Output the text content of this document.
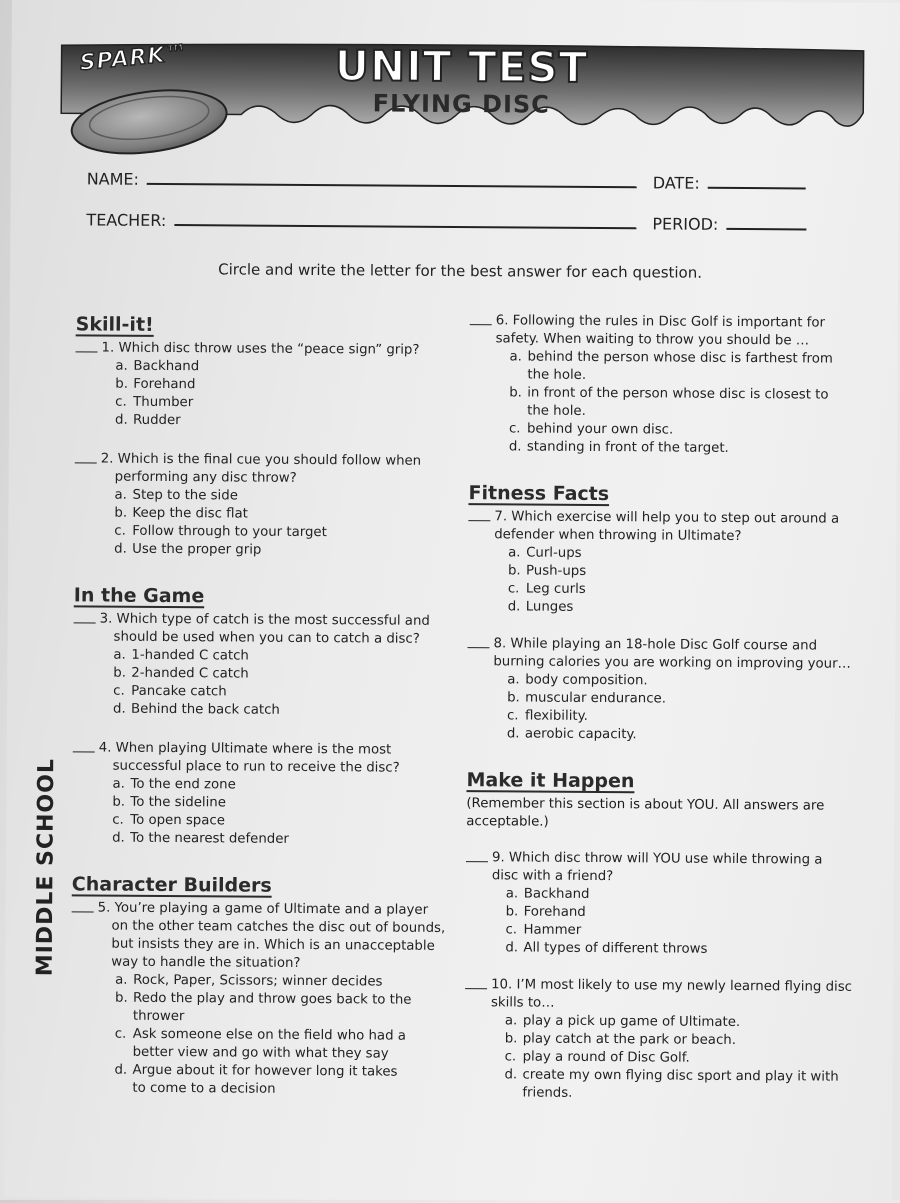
SPARK™	UNIT TEST
FLYING DISC
NAME:	DATE:
TEACHER:	PERIOD:
Circle and write the letter for the best answer for each question.
Skill-it!
1. Which disc throw uses the “peace sign” grip?
a. Backhand
b. Forehand
c. Thumber
d. Rudder
2. Which is the final cue you should follow when
performing any disc throw?
a. Step to the side
b. Keep the disc flat
c. Follow through to your target
d. Use the proper grip
In the Game
3. Which type of catch is the most successful and
should be used when you can to catch a disc?
a. 1-handed C catch
b. 2-handed C catch
c. Pancake catch
d. Behind the back catch
4. When playing Ultimate where is the most
successful place to run to receive the disc?
a. To the end zone
b. To the sideline
c. To open space
d. To the nearest defender
Character Builders
5. You’re playing a game of Ultimate and a player
on the other team catches the disc out of bounds,
but insists they are in. Which is an unacceptable
way to handle the situation?
a. Rock, Paper, Scissors; winner decides
b. Redo the play and throw goes back to the thrower
c. Ask someone else on the field who had a better view and go with what they say
d. Argue about it for however long it takes to come to a decision
6. Following the rules in Disc Golf is important for
safety. When waiting to throw you should be …
a. behind the person whose disc is farthest from the hole.
b. in front of the person whose disc is closest to the hole.
c. behind your own disc.
d. standing in front of the target.
Fitness Facts
7. Which exercise will help you to step out around a
defender when throwing in Ultimate?
a. Curl-ups
b. Push-ups
c. Leg curls
d. Lunges
8. While playing an 18-hole Disc Golf course and
burning calories you are working on improving your…
a. body composition.
b. muscular endurance.
c. flexibility.
d. aerobic capacity.
Make it Happen
(Remember this section is about YOU. All answers are acceptable.)
9. Which disc throw will YOU use while throwing a
disc with a friend?
a. Backhand
b. Forehand
c. Hammer
d. All types of different throws
10. I’M most likely to use my newly learned flying disc
skills to…
a. play a pick up game of Ultimate.
b. play catch at the park or beach.
c. play a round of Disc Golf.
d. create my own flying disc sport and play it with friends.
MIDDLE SCHOOL
